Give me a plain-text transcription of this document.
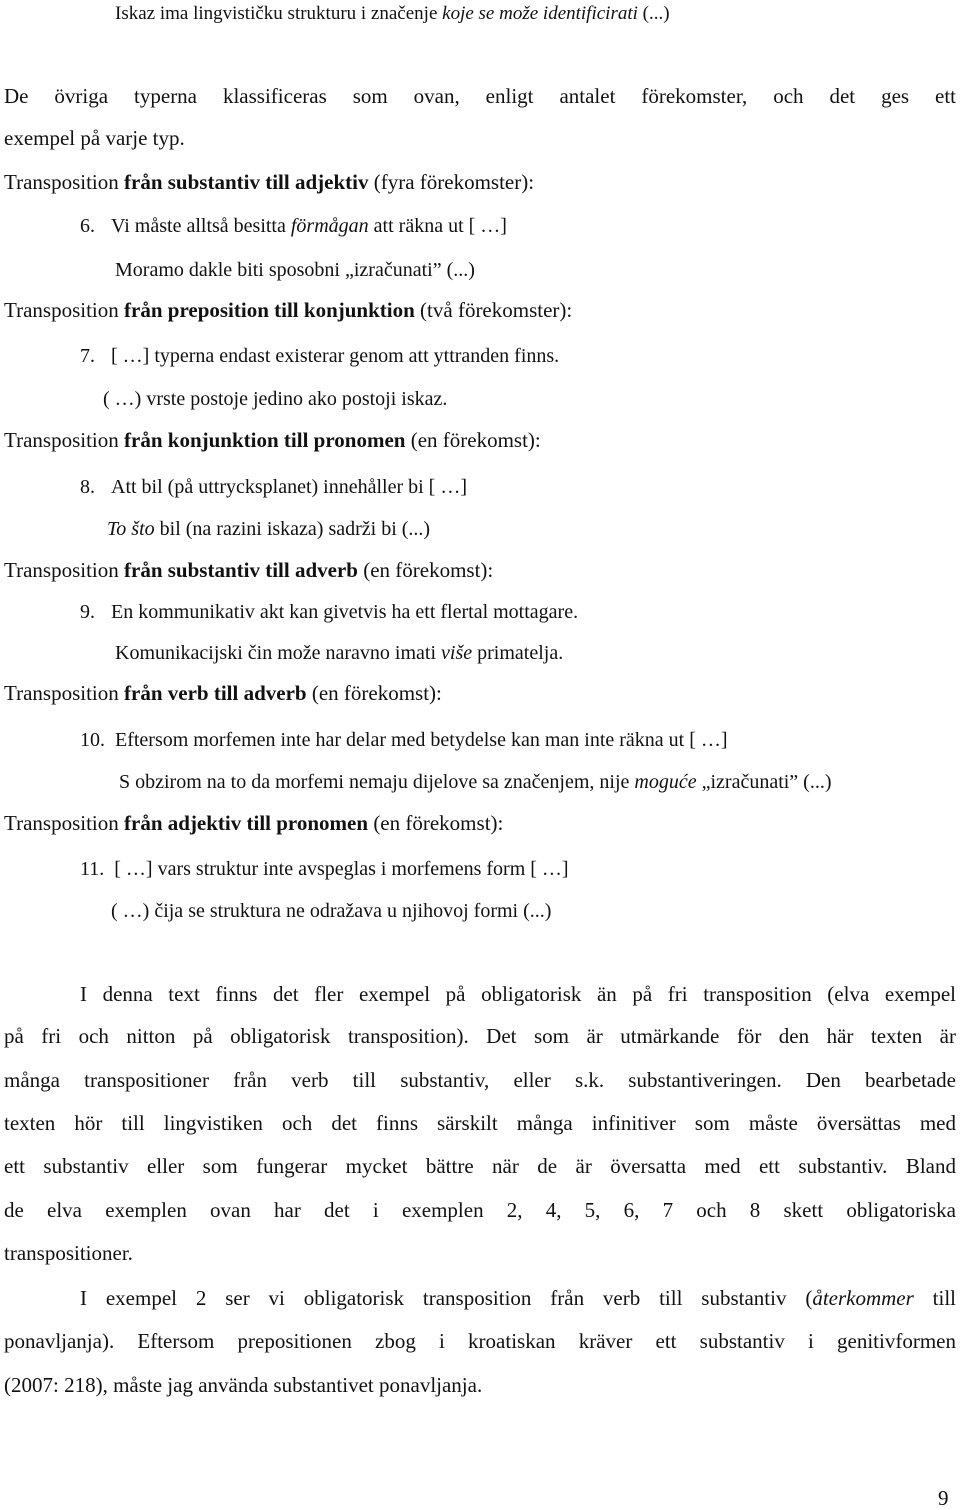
Iskaz ima lingvističku strukturu i značenje koje se može identificirati (...)
De övriga typerna klassificeras som ovan, enligt antalet förekomster, och det ges ett
exempel på varje typ.
Transposition från substantiv till adjektiv (fyra förekomster):
6. Vi måste alltså besitta förmågan att räkna ut [ …]
Moramo dakle biti sposobni „izračunati” (...)
Transposition från preposition till konjunktion (två förekomster):
7. [ …] typerna endast existerar genom att yttranden finns.
( …) vrste postoje jedino ako postoji iskaz.
Transposition från konjunktion till pronomen (en förekomst):
8. Att bil (på uttrycksplanet) innehåller bi [ …]
To što bil (na razini iskaza) sadrži bi (...)
Transposition från substantiv till adverb (en förekomst):
9. En kommunikativ akt kan givetvis ha ett flertal mottagare.
Komunikacijski čin može naravno imati više primatelja.
Transposition från verb till adverb (en förekomst):
10. Eftersom morfemen inte har delar med betydelse kan man inte räkna ut [ …]
S obzirom na to da morfemi nemaju dijelove sa značenjem, nije moguće „izračunati” (...)
Transposition från adjektiv till pronomen (en förekomst):
11. [ …] vars struktur inte avspeglas i morfemens form [ …]
( …) čija se struktura ne odražava u njihovoj formi (...)
I denna text finns det fler exempel på obligatorisk än på fri transposition (elva exempel
på fri och nitton på obligatorisk transposition). Det som är utmärkande för den här texten är
många transpositioner från verb till substantiv, eller s.k. substantiveringen. Den bearbetade
texten hör till lingvistiken och det finns särskilt många infinitiver som måste översättas med
ett substantiv eller som fungerar mycket bättre när de är översatta med ett substantiv. Bland
de elva exemplen ovan har det i exemplen 2, 4, 5, 6, 7 och 8 skett obligatoriska
transpositioner.
I exempel 2 ser vi obligatorisk transposition från verb till substantiv (återkommer till
ponavljanja). Eftersom prepositionen zbog i kroatiskan kräver ett substantiv i genitivformen
(2007: 218), måste jag använda substantivet ponavljanja.
9
